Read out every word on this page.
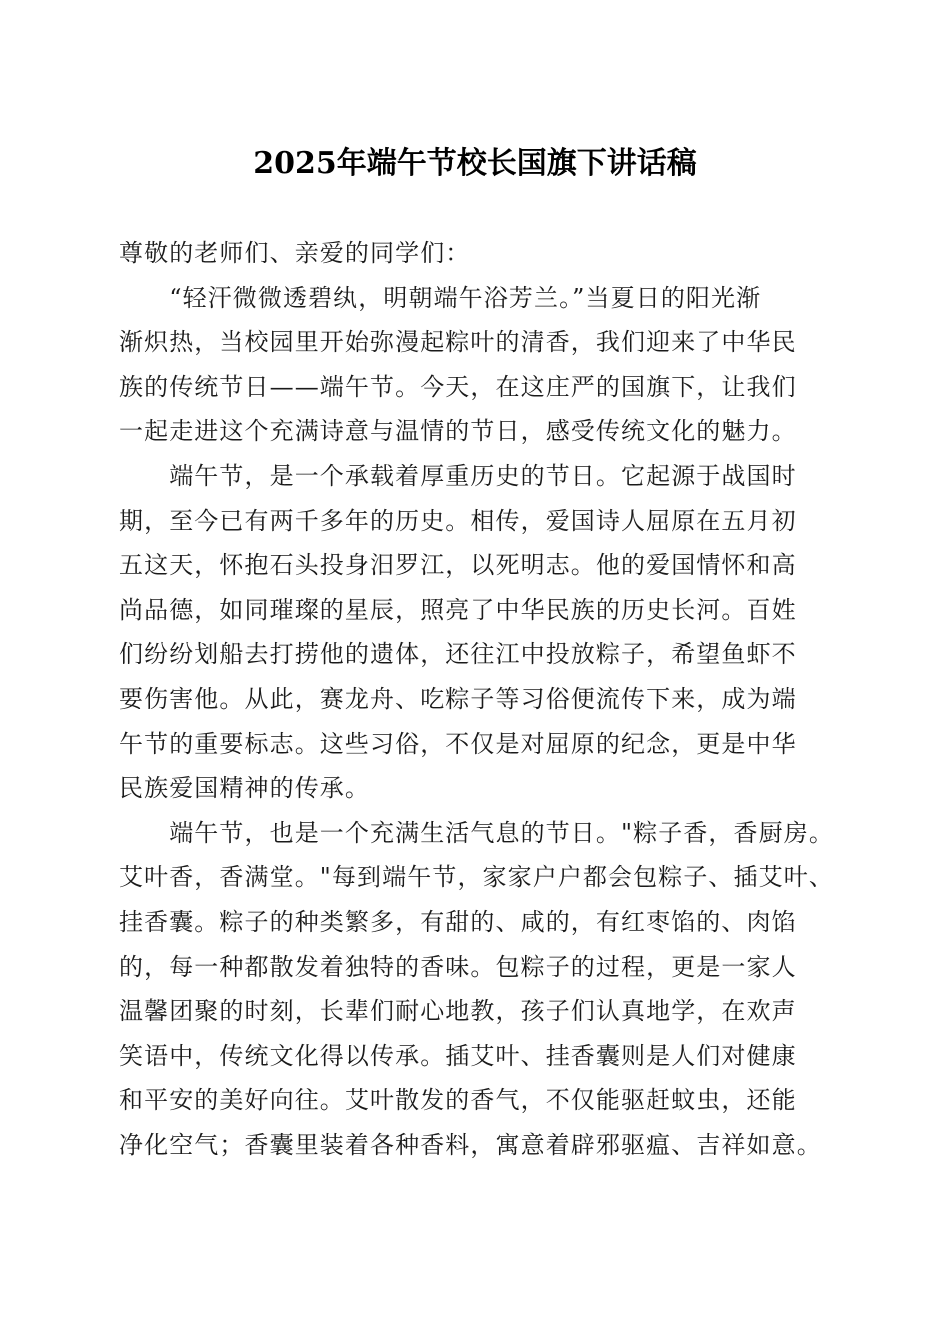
2025年端午节校长国旗下讲话稿
尊敬的老师们、亲爱的同学们：
　　“轻汗微微透碧纨，明朝端午浴芳兰。”当夏日的阳光渐
渐炽热，当校园里开始弥漫起粽叶的清香，我们迎来了中华民
族的传统节日——端午节。今天，在这庄严的国旗下，让我们
一起走进这个充满诗意与温情的节日，感受传统文化的魅力。
　　端午节，是一个承载着厚重历史的节日。它起源于战国时
期，至今已有两千多年的历史。相传，爱国诗人屈原在五月初
五这天，怀抱石头投身汨罗江，以死明志。他的爱国情怀和高
尚品德，如同璀璨的星辰，照亮了中华民族的历史长河。百姓
们纷纷划船去打捞他的遗体，还往江中投放粽子，希望鱼虾不
要伤害他。从此，赛龙舟、吃粽子等习俗便流传下来，成为端
午节的重要标志。这些习俗，不仅是对屈原的纪念，更是中华
民族爱国精神的传承。
　　端午节，也是一个充满生活气息的节日。"粽子香，香厨房。
艾叶香，香满堂。"每到端午节，家家户户都会包粽子、插艾叶、
挂香囊。粽子的种类繁多，有甜的、咸的，有红枣馅的、肉馅
的，每一种都散发着独特的香味。包粽子的过程，更是一家人
温馨团聚的时刻，长辈们耐心地教，孩子们认真地学，在欢声
笑语中，传统文化得以传承。插艾叶、挂香囊则是人们对健康
和平安的美好向往。艾叶散发的香气，不仅能驱赶蚊虫，还能
净化空气；香囊里装着各种香料，寓意着辟邪驱瘟、吉祥如意。
